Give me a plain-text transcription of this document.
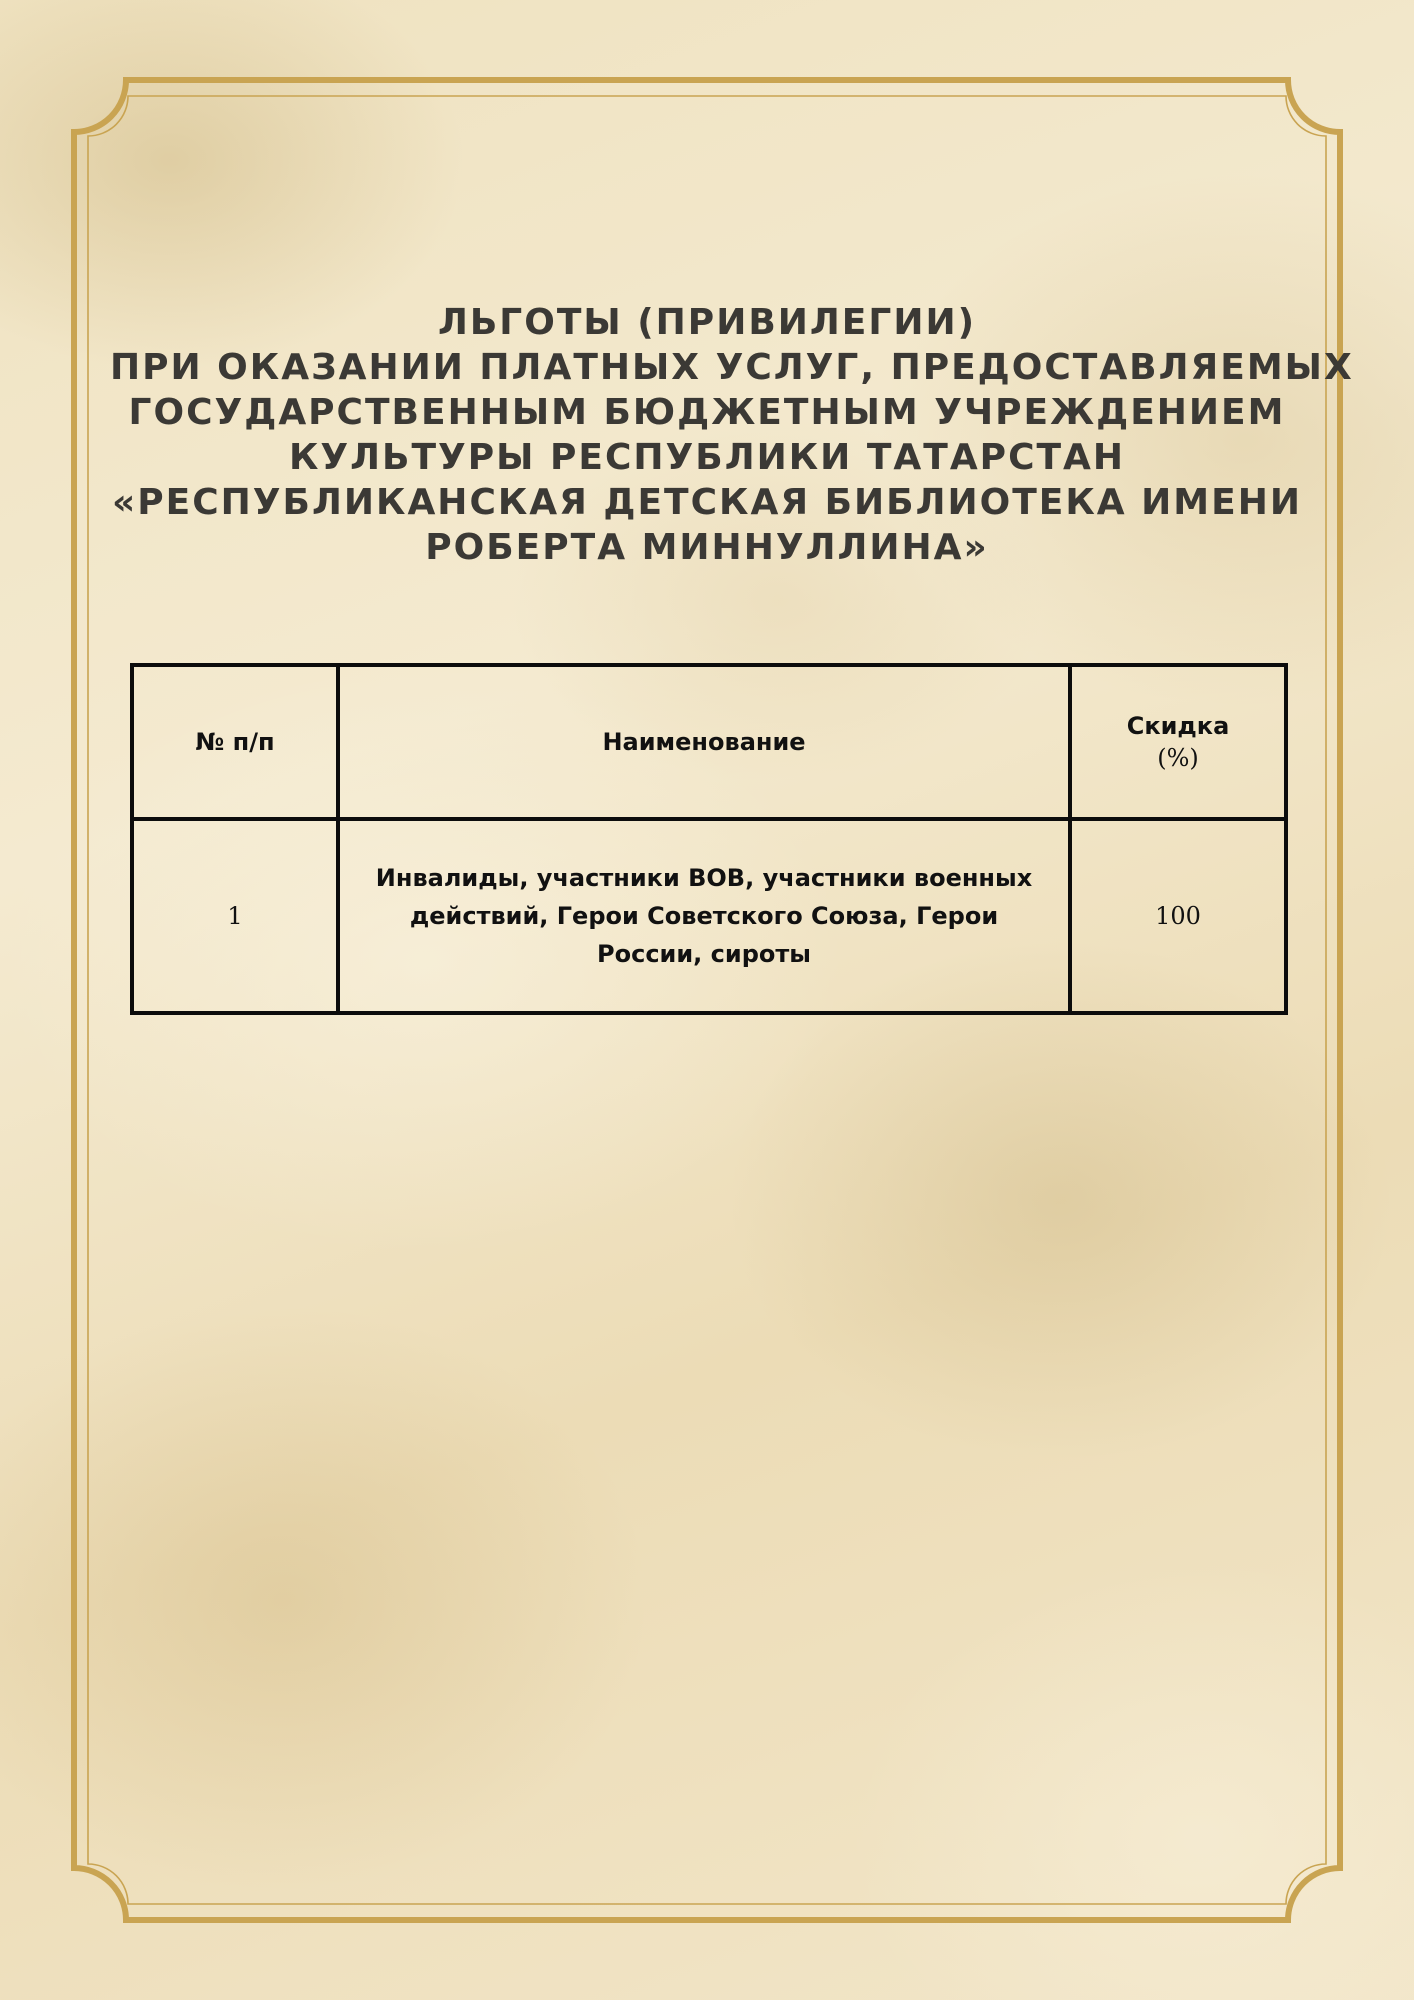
ЛЬГОТЫ (ПРИВИЛЕГИИ)
ПРИ ОКАЗАНИИ ПЛАТНЫХ УСЛУГ, ПРЕДОСТАВЛЯЕМЫХ
ГОСУДАРСТВЕННЫМ БЮДЖЕТНЫМ УЧРЕЖДЕНИЕМ
КУЛЬТУРЫ РЕСПУБЛИКИ ТАТАРСТАН
«РЕСПУБЛИКАНСКАЯ ДЕТСКАЯ БИБЛИОТЕКА ИМЕНИ
РОБЕРТА МИННУЛЛИНА»
№ п/п	Наименование	Скидка
(%)

1	Инвалиды, участники ВОВ, участники военных действий, Герои Советского Союза, Герои России, сироты	100
